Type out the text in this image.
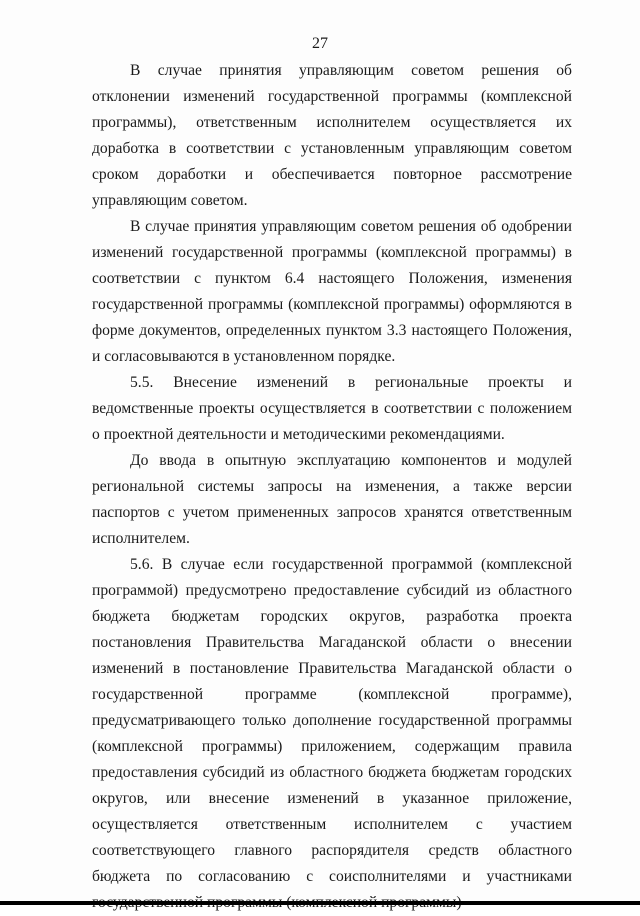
27

В случае принятия управляющим советом решения об отклонении изменений государственной программы (комплексной программы), ответственным исполнителем осуществляется их доработка в соответствии с установленным управляющим советом сроком доработки и обеспечивается повторное рассмотрение управляющим советом.

В случае принятия управляющим советом решения об одобрении изменений государственной программы (комплексной программы) в соответствии с пунктом 6.4 настоящего Положения, изменения государственной программы (комплексной программы) оформляются в форме документов, определенных пунктом 3.3 настоящего Положения, и согласовываются в установленном порядке.

5.5. Внесение изменений в региональные проекты и ведомственные проекты осуществляется в соответствии с положением о проектной деятельности и методическими рекомендациями.

До ввода в опытную эксплуатацию компонентов и модулей региональной системы запросы на изменения, а также версии паспортов с учетом примененных запросов хранятся ответственным исполнителем.

5.6. В случае если государственной программой (комплексной программой) предусмотрено предоставление субсидий из областного бюджета бюджетам городских округов, разработка проекта постановления Правительства Магаданской области о внесении изменений в постановление Правительства Магаданской области о государственной программе (комплексной программе), предусматривающего только дополнение государственной программы (комплексной программы) приложением, содержащим правила предоставления субсидий из областного бюджета бюджетам городских округов, или внесение изменений в указанное приложение, осуществляется ответственным исполнителем с участием соответствующего главного распорядителя средств областного бюджета по согласованию с соисполнителями и участниками
